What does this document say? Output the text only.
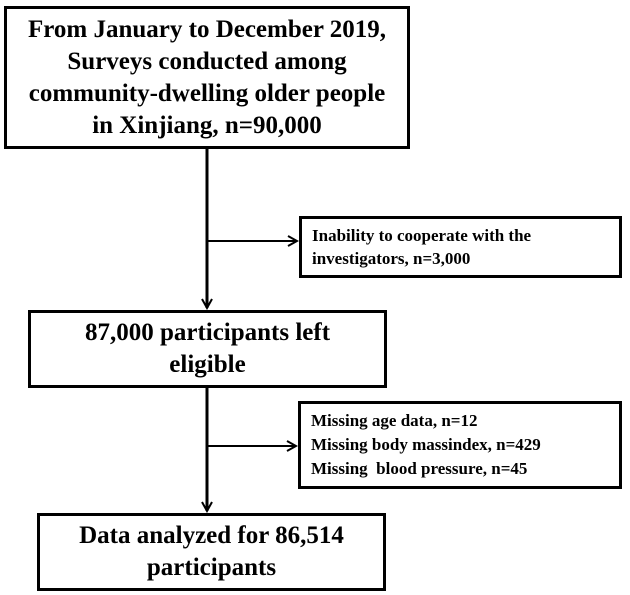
From January to December 2019,
Surveys conducted among
community-dwelling older people
in Xinjiang, n=90,000
Inability to cooperate with the
investigators, n=3,000
87,000 participants left
eligible
Missing age data, n=12
Missing body massindex, n=429
Missing  blood pressure, n=45
Data analyzed for 86,514
participants
